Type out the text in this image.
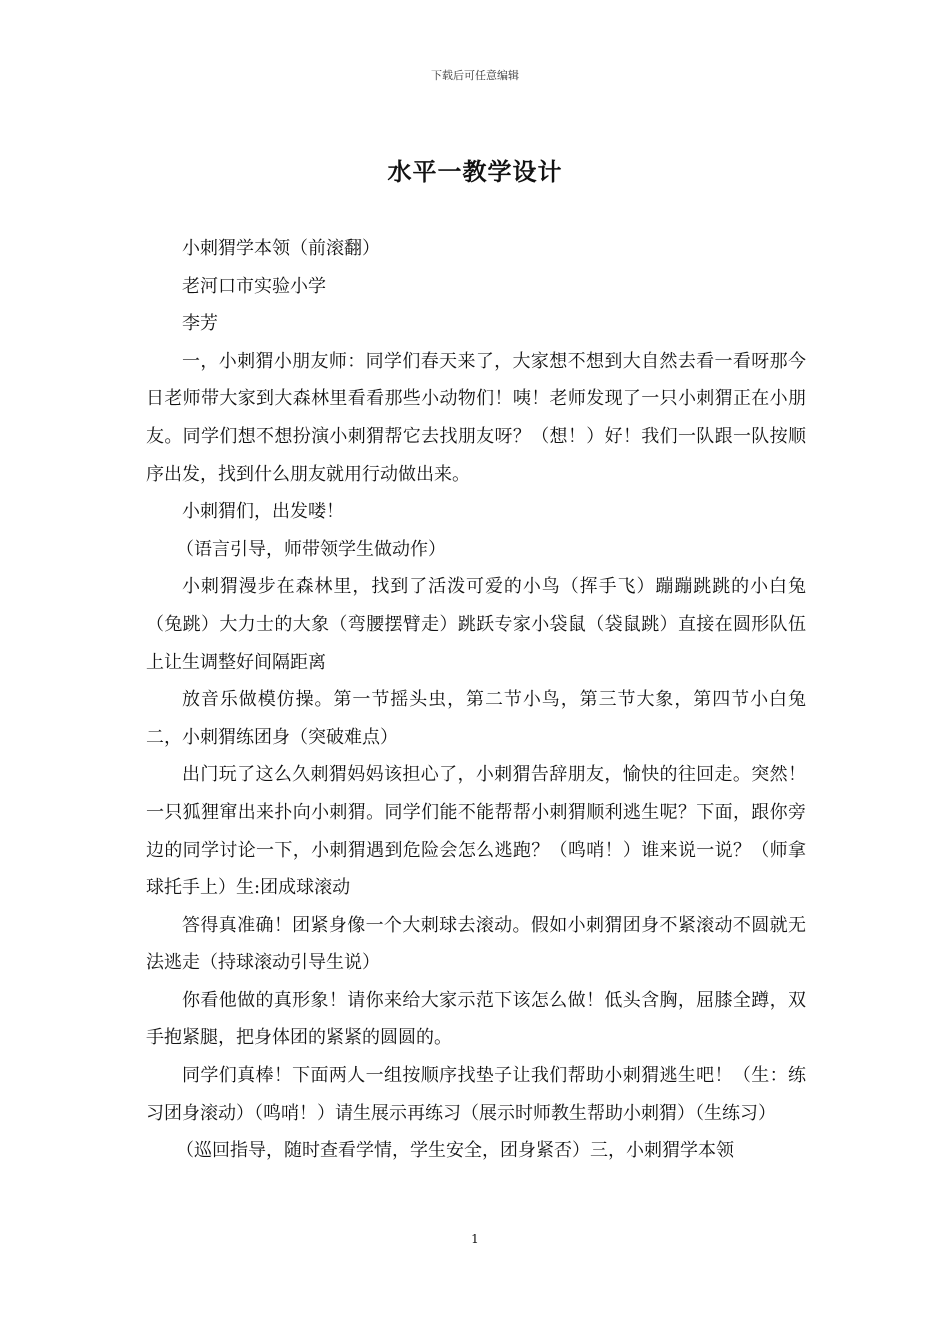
下载后可任意编辑
水平一教学设计

小刺猬学本领（前滚翻）

老河口市实验小学

李芳

一，小刺猬小朋友师：同学们春天来了，大家想不想到大自然去看一看呀那今日老师带大家到大森林里看看那些小动物们！咦！老师发现了一只小刺猬正在小朋友。同学们想不想扮演小刺猬帮它去找朋友呀？（想！）好！我们一队跟一队按顺序出发，找到什么朋友就用行动做出来。

小刺猬们，出发喽！

（语言引导，师带领学生做动作）

小刺猬漫步在森林里，找到了活泼可爱的小鸟（挥手飞）蹦蹦跳跳的小白兔（兔跳）大力士的大象（弯腰摆臂走）跳跃专家小袋鼠（袋鼠跳）直接在圆形队伍上让生调整好间隔距离

放音乐做模仿操。第一节摇头虫，第二节小鸟，第三节大象，第四节小白兔二，小刺猬练团身（突破难点）

出门玩了这么久刺猬妈妈该担心了，小刺猬告辞朋友，愉快的往回走。突然！一只狐狸窜出来扑向小刺猬。同学们能不能帮帮小刺猬顺利逃生呢？下面，跟你旁边的同学讨论一下，小刺猬遇到危险会怎么逃跑？（鸣哨！）谁来说一说？（师拿球托手上）生:团成球滚动

答得真准确！团紧身像一个大刺球去滚动。假如小刺猬团身不紧滚动不圆就无法逃走（持球滚动引导生说）

你看他做的真形象！请你来给大家示范下该怎么做！低头含胸，屈膝全蹲，双手抱紧腿，把身体团的紧紧的圆圆的。

同学们真棒！下面两人一组按顺序找垫子让我们帮助小刺猬逃生吧！（生：练习团身滚动）（鸣哨！）请生展示再练习（展示时师教生帮助小刺猬）（生练习）

（巡回指导，随时查看学情，学生安全，团身紧否）三，小刺猬学本领

1
